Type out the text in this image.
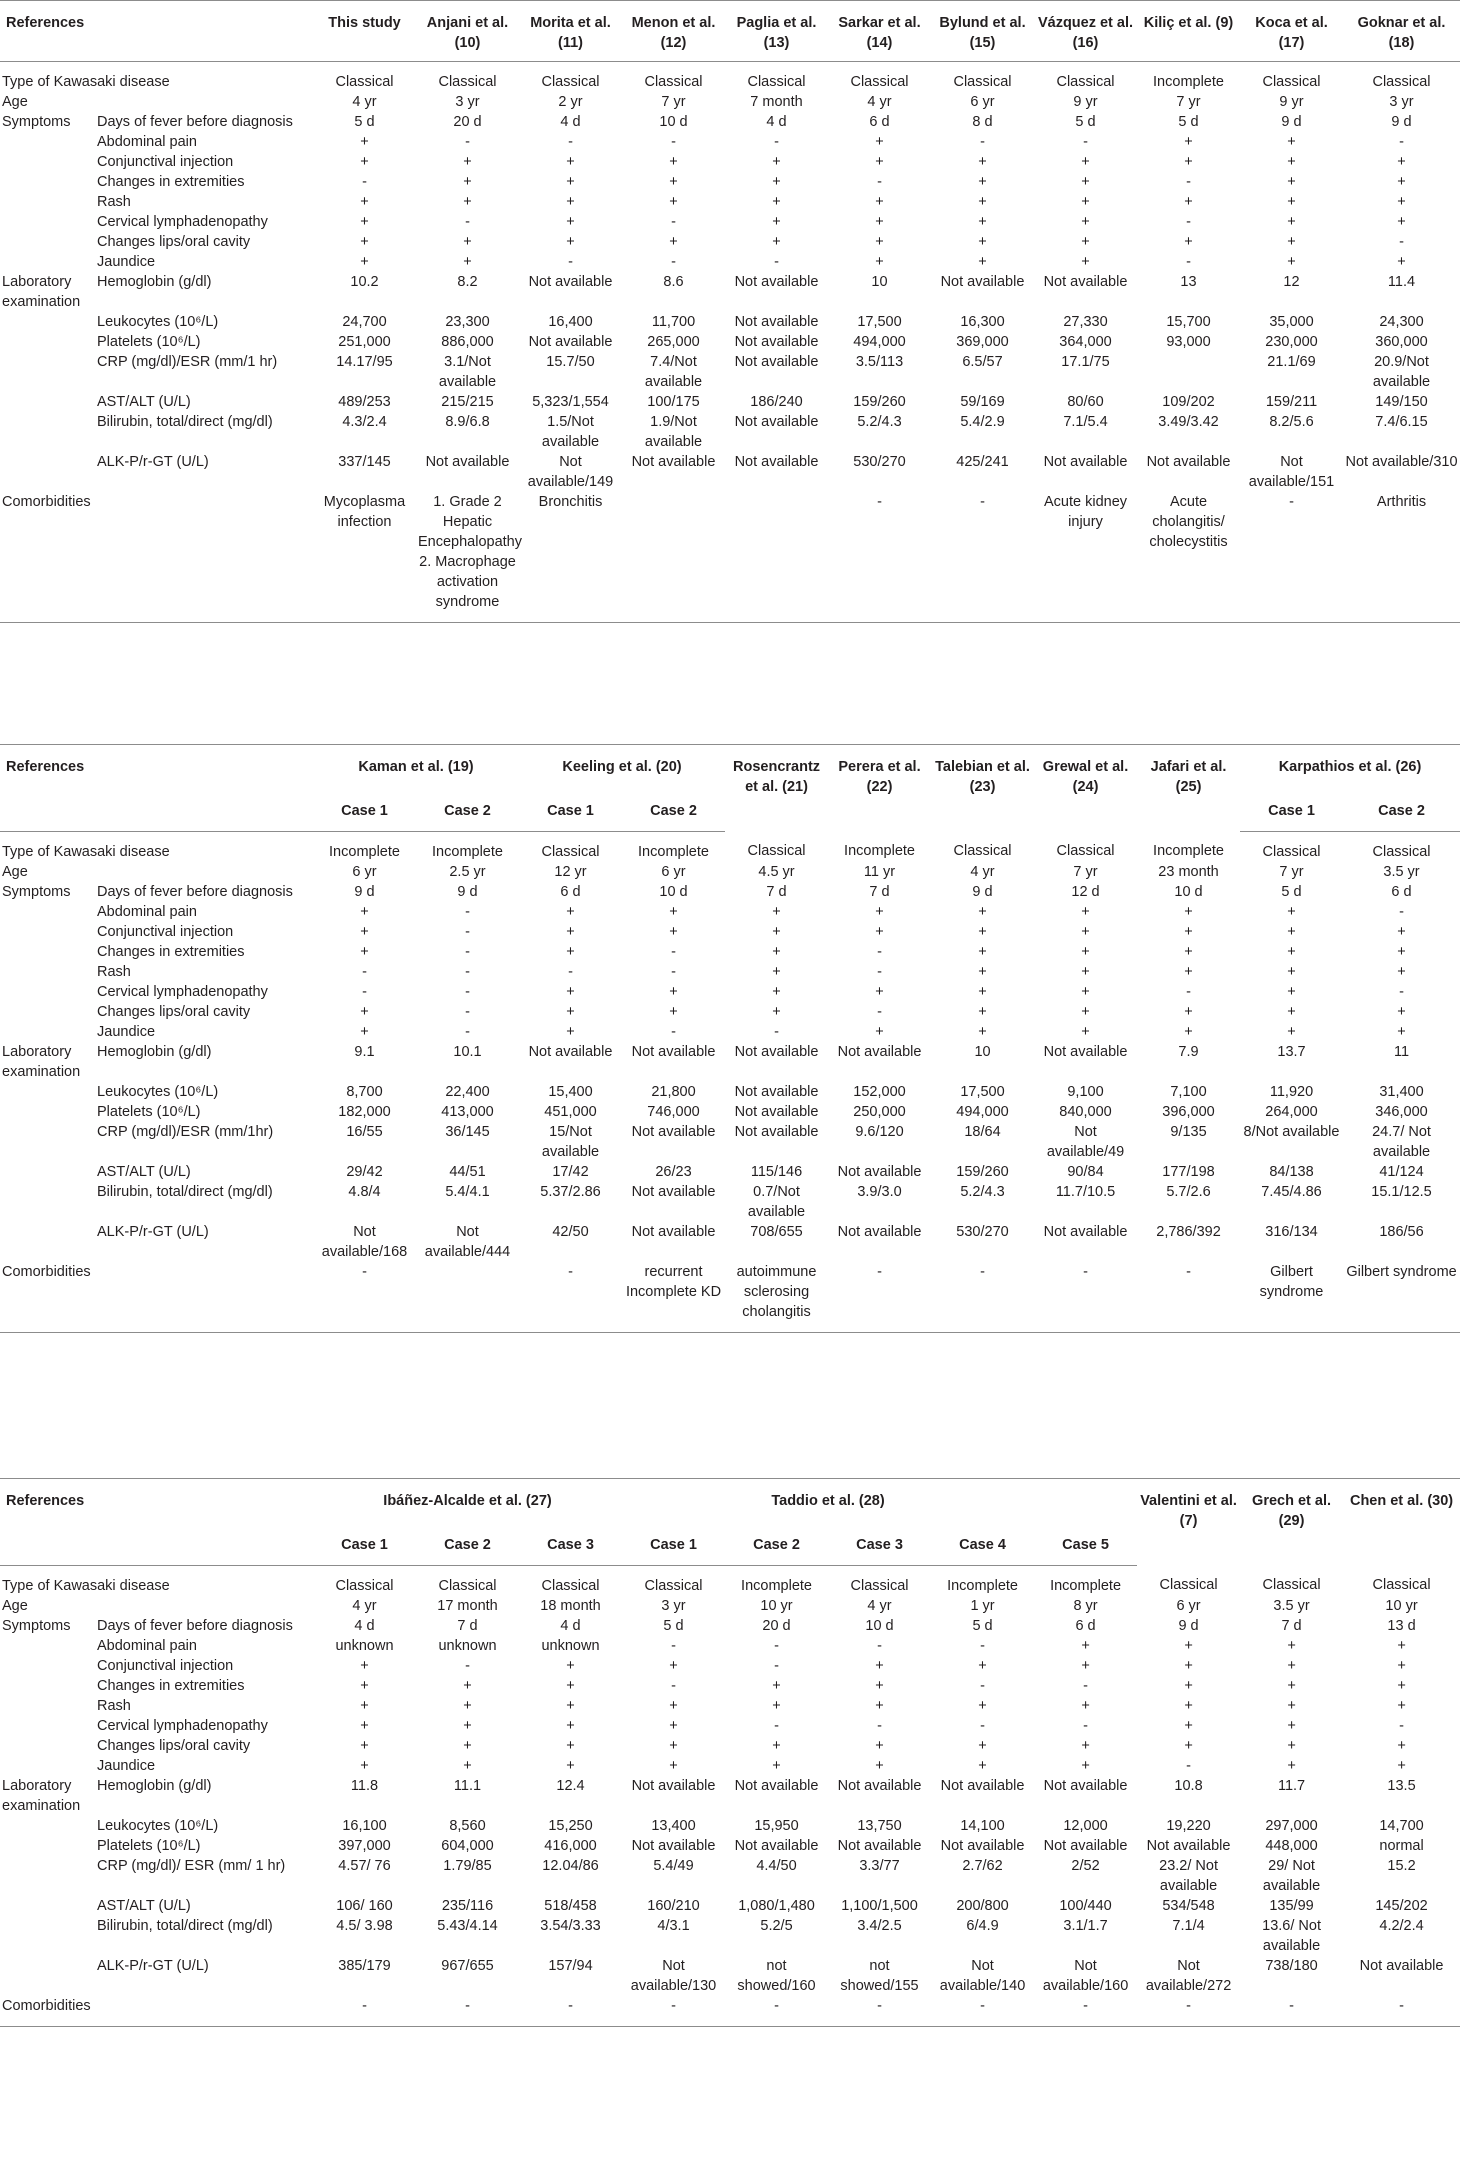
References		This study	Anjani et al. (10)	Morita et al. (11)	Menon et al. (12)	Paglia et al. (13)	Sarkar et al. (14)	Bylund et al. (15)	Vázquez et al. (16)	Kiliç et al. (9)	Koca et al. (17)	Goknar et al. (18)
Type of Kawasaki disease		Classical	Classical	Classical	Classical	Classical	Classical	Classical	Classical	Incomplete	Classical	Classical
Age		4 yr	3 yr	2 yr	7 yr	7 month	4 yr	6 yr	9 yr	7 yr	9 yr	3 yr
Symptoms	Days of fever before diagnosis	5 d	20 d	4 d	10 d	4 d	6 d	8 d	5 d	5 d	9 d	9 d
	Abdominal pain	+	-	-	-	-	+	-	-	+	+	-
	Conjunctival injection	+	+	+	+	+	+	+	+	+	+	+
	Changes in extremities	-	+	+	+	+	-	+	+	-	+	+
	Rash	+	+	+	+	+	+	+	+	+	+	+
	Cervical lymphadenopathy	+	-	+	-	+	+	+	+	-	+	+
	Changes lips/oral cavity	+	+	+	+	+	+	+	+	+	+	-
	Jaundice	+	+	-	-	-	+	+	+	-	+	+
Laboratory examination	Hemoglobin (g/dl)	10.2	8.2	Not available	8.6	Not available	10	Not available	Not available	13	12	11.4
	Leukocytes (10⁶/L)	24,700	23,300	16,400	11,700	Not available	17,500	16,300	27,330	15,700	35,000	24,300
	Platelets (10⁶/L)	251,000	886,000	Not available	265,000	Not available	494,000	369,000	364,000	93,000	230,000	360,000
	CRP (mg/dl)/ESR (mm/1 hr)	14.17/95	3.1/Not available	15.7/50	7.4/Not available	Not available	3.5/113	6.5/57	17.1/75		21.1/69	20.9/Not available
	AST/ALT (U/L)	489/253	215/215	5,323/1,554	100/175	186/240	159/260	59/169	80/60	109/202	159/211	149/150
	Bilirubin, total/direct (mg/dl)	4.3/2.4	8.9/6.8	1.5/Not available	1.9/Not available	Not available	5.2/4.3	5.4/2.9	7.1/5.4	3.49/3.42	8.2/5.6	7.4/6.15
	ALK-P/r-GT (U/L)	337/145	Not available	Not available/149	Not available	Not available	530/270	425/241	Not available	Not available	Not available/151	Not available/310
Comorbidities		Mycoplasma infection	1. Grade 2 Hepatic Encephalopathy 2. Macrophage activation syndrome	Bronchitis			-	-	Acute kidney injury	Acute cholangitis/ cholecystitis	-	Arthritis
References		Kaman et al. (19)		Keeling et al. (20)		Rosencrantz et al. (21)	Perera et al. (22)	Talebian et al. (23)	Grewal et al. (24)	Jafari et al. (25)	Karpathios et al. (26)	
		Case 1	Case 2	Case 1	Case 2						Case 1	Case 2
Type of Kawasaki disease		Incomplete	Incomplete	Classical	Incomplete	Classical	Incomplete	Classical	Classical	Incomplete	Classical	Classical
Age		6 yr	2.5 yr	12 yr	6 yr	4.5 yr	11 yr	4 yr	7 yr	23 month	7 yr	3.5 yr
Symptoms	Days of fever before diagnosis	9 d	9 d	6 d	10 d	7 d	7 d	9 d	12 d	10 d	5 d	6 d
	Abdominal pain	+	-	+	+	+	+	+	+	+	+	-
	Conjunctival injection	+	-	+	+	+	+	+	+	+	+	+
	Changes in extremities	+	-	+	-	+	-	+	+	+	+	+
	Rash	-	-	-	-	+	-	+	+	+	+	+
	Cervical lymphadenopathy	-	-	+	+	+	+	+	+	-	+	-
	Changes lips/oral cavity	+	-	+	+	+	-	+	+	+	+	+
	Jaundice	+	-	+	-	-	+	+	+	+	+	+
Laboratory examination	Hemoglobin (g/dl)	9.1	10.1	Not available	Not available	Not available	Not available	10	Not available	7.9	13.7	11
	Leukocytes (10⁶/L)	8,700	22,400	15,400	21,800	Not available	152,000	17,500	9,100	7,100	11,920	31,400
	Platelets (10⁶/L)	182,000	413,000	451,000	746,000	Not available	250,000	494,000	840,000	396,000	264,000	346,000
	CRP (mg/dl)/ESR (mm/1hr)	16/55	36/145	15/Not available	Not available	Not available	9.6/120	18/64	Not available/49	9/135	8/Not available	24.7/ Not available
	AST/ALT (U/L)	29/42	44/51	17/42	26/23	115/146	Not available	159/260	90/84	177/198	84/138	41/124
	Bilirubin, total/direct (mg/dl)	4.8/4	5.4/4.1	5.37/2.86	Not available	0.7/Not available	3.9/3.0	5.2/4.3	11.7/10.5	5.7/2.6	7.45/4.86	15.1/12.5
	ALK-P/r-GT (U/L)	Not available/168	Not available/444	42/50	Not available	708/655	Not available	530/270	Not available	2,786/392	316/134	186/56
Comorbidities		-		-	recurrent Incomplete KD	autoimmune sclerosing cholangitis	-	-	-	-	Gilbert syndrome	Gilbert syndrome
References		Ibáñez-Alcalde et al. (27)			Taddio et al. (28)					Valentini et al. (7)	Grech et al. (29)	Chen et al. (30)
		Case 1	Case 2	Case 3	Case 1	Case 2	Case 3	Case 4	Case 5			
Type of Kawasaki disease		Classical	Classical	Classical	Classical	Incomplete	Classical	Incomplete	Incomplete	Classical	Classical	Classical
Age		4 yr	17 month	18 month	3 yr	10 yr	4 yr	1 yr	8 yr	6 yr	3.5 yr	10 yr
Symptoms	Days of fever before diagnosis	4 d	7 d	4 d	5 d	20 d	10 d	5 d	6 d	9 d	7 d	13 d
	Abdominal pain	unknown	unknown	unknown	-	-	-	-	+	+	+	+
	Conjunctival injection	+	-	+	+	-	+	+	+	+	+	+
	Changes in extremities	+	+	+	-	+	+	-	-	+	+	+
	Rash	+	+	+	+	+	+	+	+	+	+	+
	Cervical lymphadenopathy	+	+	+	+	-	-	-	-	+	+	-
	Changes lips/oral cavity	+	+	+	+	+	+	+	+	+	+	+
	Jaundice	+	+	+	+	+	+	+	+	-	+	+
Laboratory examination	Hemoglobin (g/dl)	11.8	11.1	12.4	Not available	Not available	Not available	Not available	Not available	10.8	11.7	13.5
	Leukocytes (10⁶/L)	16,100	8,560	15,250	13,400	15,950	13,750	14,100	12,000	19,220	297,000	14,700
	Platelets (10⁶/L)	397,000	604,000	416,000	Not available	Not available	Not available	Not available	Not available	Not available	448,000	normal
	CRP (mg/dl)/ ESR (mm/ 1 hr)	4.57/ 76	1.79/85	12.04/86	5.4/49	4.4/50	3.3/77	2.7/62	2/52	23.2/ Not available	29/ Not available	15.2
	AST/ALT (U/L)	106/ 160	235/116	518/458	160/210	1,080/1,480	1,100/1,500	200/800	100/440	534/548	135/99	145/202
	Bilirubin, total/direct (mg/dl)	4.5/ 3.98	5.43/4.14	3.54/3.33	4/3.1	5.2/5	3.4/2.5	6/4.9	3.1/1.7	7.1/4	13.6/ Not available	4.2/2.4
	ALK-P/r-GT (U/L)	385/179	967/655	157/94	Not available/130	not showed/160	not showed/155	Not available/140	Not available/160	Not available/272	738/180	Not available
Comorbidities		-	-	-	-	-	-	-	-	-	-	-
